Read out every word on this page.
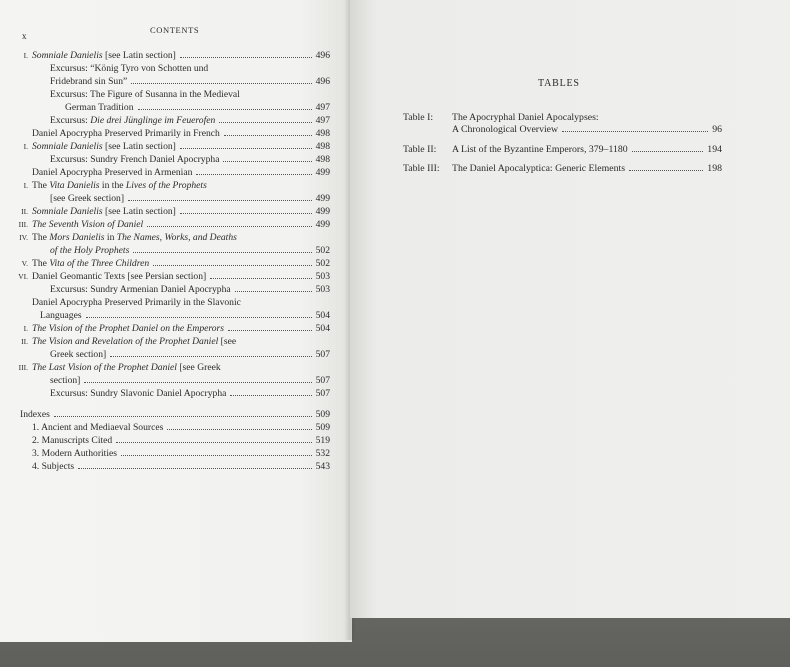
x
CONTENTS
I. Somniale Danielis [see Latin section]	496
Excursus: “König Tyro von Schotten und
Fridebrand sin Sun”	496
Excursus: The Figure of Susanna in the Medieval
German Tradition	497
Excursus: Die drei Jünglinge im Feuerofen	497
Daniel Apocrypha Preserved Primarily in French	498
I. Somniale Danielis [see Latin section]	498
Excursus: Sundry French Daniel Apocrypha	498
Daniel Apocrypha Preserved in Armenian	499
I. The Vita Danielis in the Lives of the Prophets
[see Greek section]	499
II. Somniale Danielis [see Latin section]	499
III. The Seventh Vision of Daniel	499
IV. The Mors Danielis in The Names, Works, and Deaths
of the Holy Prophets	502
V. The Vita of the Three Children	502
VI. Daniel Geomantic Texts [see Persian section]	503
Excursus: Sundry Armenian Daniel Apocrypha	503
Daniel Apocrypha Preserved Primarily in the Slavonic
Languages	504
I. The Vision of the Prophet Daniel on the Emperors	504
II. The Vision and Revelation of the Prophet Daniel [see
Greek section]	507
III. The Last Vision of the Prophet Daniel [see Greek
section]	507
Excursus: Sundry Slavonic Daniel Apocrypha	507
Indexes	509
1. Ancient and Mediaeval Sources	509
2. Manuscripts Cited	519
3. Modern Authorities	532
4. Subjects	543
TABLES
Table I: The Apocryphal Daniel Apocalypses:
A Chronological Overview	96
Table II: A List of the Byzantine Emperors, 379–1180	194
Table III: The Daniel Apocalyptica: Generic Elements	198
